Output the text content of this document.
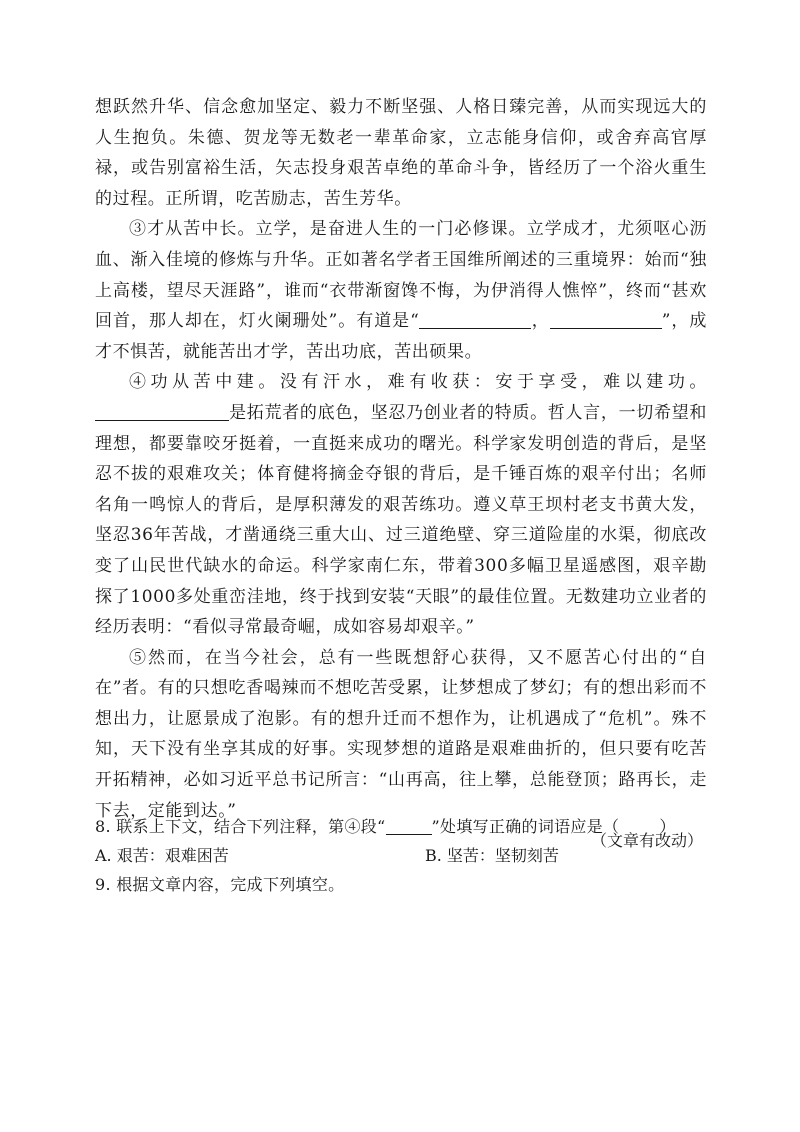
想跃然升华、信念愈加坚定、毅力不断坚强、人格日臻完善，从而实现远大的人生抱负。朱德、贺龙等无数老一辈革命家，立志能身信仰，或舍弃高官厚禄，或告别富裕生活，矢志投身艰苦卓绝的革命斗争，皆经历了一个浴火重生的过程。正所谓，吃苦励志，苦生芳华。

③才从苦中长。立学，是奋进人生的一门必修课。立学成才，尤须呕心沥血、渐入佳境的修炼与升华。正如著名学者王国维所阐述的三重境界：始而“独上高楼，望尽天涯路”，谁而“衣带渐窗馋不悔，为伊消得人憔悴”，终而“甚欢回首，那人却在，灯火阑珊处”。有道是“	，	”，成才不惧苦，就能苦出才学，苦出功底，苦出硕果。

④功从苦中建。没有汗水，难有收获：安于享受，难以建功。是拓荒者的底色，坚忍乃创业者的特质。哲人言，一切希望和理想，都要靠咬牙挺着，一直挺来成功的曙光。科学家发明创造的背后，是坚忍不拔的艰难攻关；体育健将摘金夺银的背后，是千锤百炼的艰辛付出；名师名角一鸣惊人的背后，是厚积薄发的艰苦练功。遵义草王坝村老支书黄大发，坚忍36年苦战，才凿通绕三重大山、过三道绝壁、穿三道险崖的水渠，彻底改变了山民世代缺水的命运。科学家南仁东，带着300多幅卫星遥感图，艰辛勘探了1000多处重峦洼地，终于找到安装“天眼”的最佳位置。无数建功立业者的经历表明：“看似寻常最奇崛，成如容易却艰辛。”

⑤然而，在当今社会，总有一些既想舒心获得，又不愿苦心付出的“自在”者。有的只想吃香喝辣而不想吃苦受累，让梦想成了梦幻；有的想出彩而不想出力，让愿景成了泡影。有的想升迁而不想作为，让机遇成了“危机”。殊不知，天下没有坐享其成的好事。实现梦想的道路是艰难曲折的，但只要有吃苦开拓精神，必如习近平总书记所言：“山再高，往上攀，总能登顶；路再长，走下去，定能到达。”

（文章有改动）

8. 联系上下文，结合下列注释，第④段“	”处填写正确的词语应是（	）

A. 艰苦：艰难困苦	B. 坚苦：坚韧刻苦

9. 根据文章内容，完成下列填空。
